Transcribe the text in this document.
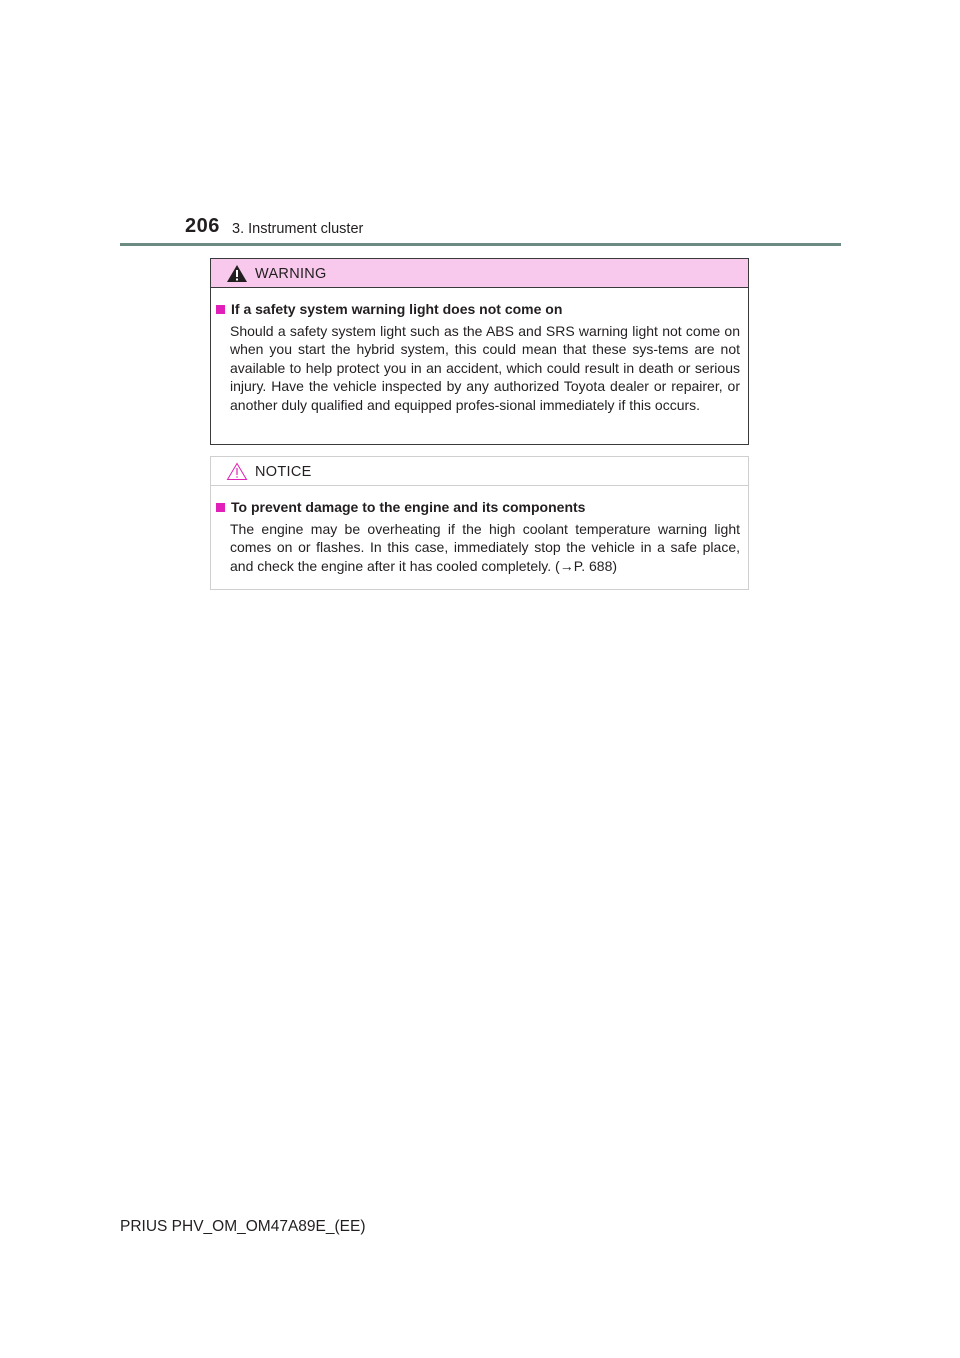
206 3. Instrument cluster
WARNING
If a safety system warning light does not come on
Should a safety system light such as the ABS and SRS warning light not come on when you start the hybrid system, this could mean that these sys-tems are not available to help protect you in an accident, which could result in death or serious injury. Have the vehicle inspected by any authorized Toyota dealer or repairer, or another duly qualified and equipped profes-sional immediately if this occurs.
NOTICE
To prevent damage to the engine and its components
The engine may be overheating if the high coolant temperature warning light comes on or flashes. In this case, immediately stop the vehicle in a safe place, and check the engine after it has cooled completely. (→P. 688)
PRIUS PHV_OM_OM47A89E_(EE)
